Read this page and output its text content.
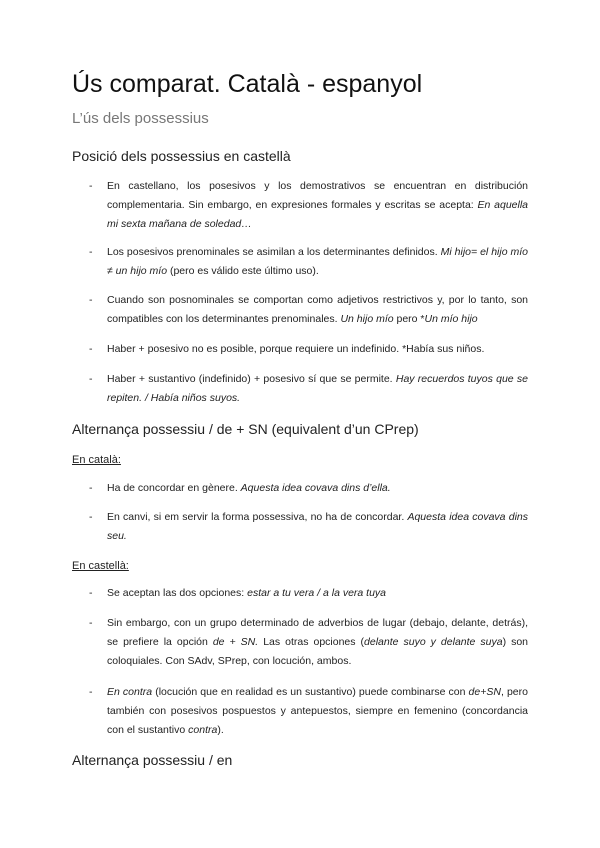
Ús comparat. Català - espanyol

L’ús dels possessius

Posició dels possessius en castellà

- En castellano, los posesivos y los demostrativos se encuentran en distribución complementaria. Sin embargo, en expresiones formales y escritas se acepta: En aquella mi sexta mañana de soledad…
- Los posesivos prenominales se asimilan a los determinantes definidos. Mi hijo= el hijo mío ≠ un hijo mío (pero es válido este último uso).
- Cuando son posnominales se comportan como adjetivos restrictivos y, por lo tanto, son compatibles con los determinantes prenominales. Un hijo mío pero *Un mío hijo
- Haber + posesivo no es posible, porque requiere un indefinido. *Había sus niños.
- Haber + sustantivo (indefinido) + posesivo sí que se permite. Hay recuerdos tuyos que se repiten. / Había niños suyos.

Alternança possessiu / de + SN (equivalent d’un CPrep)

En català:

- Ha de concordar en gènere. Aquesta idea covava dins d’ella.
- En canvi, si em servir la forma possessiva, no ha de concordar. Aquesta idea covava dins seu.

En castellà:

- Se aceptan las dos opciones: estar a tu vera / a la vera tuya
- Sin embargo, con un grupo determinado de adverbios de lugar (debajo, delante, detrás), se prefiere la opción de + SN. Las otras opciones (delante suyo y delante suya) son coloquiales. Con SAdv, SPrep, con locución, ambos.
- En contra (locución que en realidad es un sustantivo) puede combinarse con de+SN, pero también con posesivos pospuestos y antepuestos, siempre en femenino (concordancia con el sustantivo contra).

Alternança possessiu / en
